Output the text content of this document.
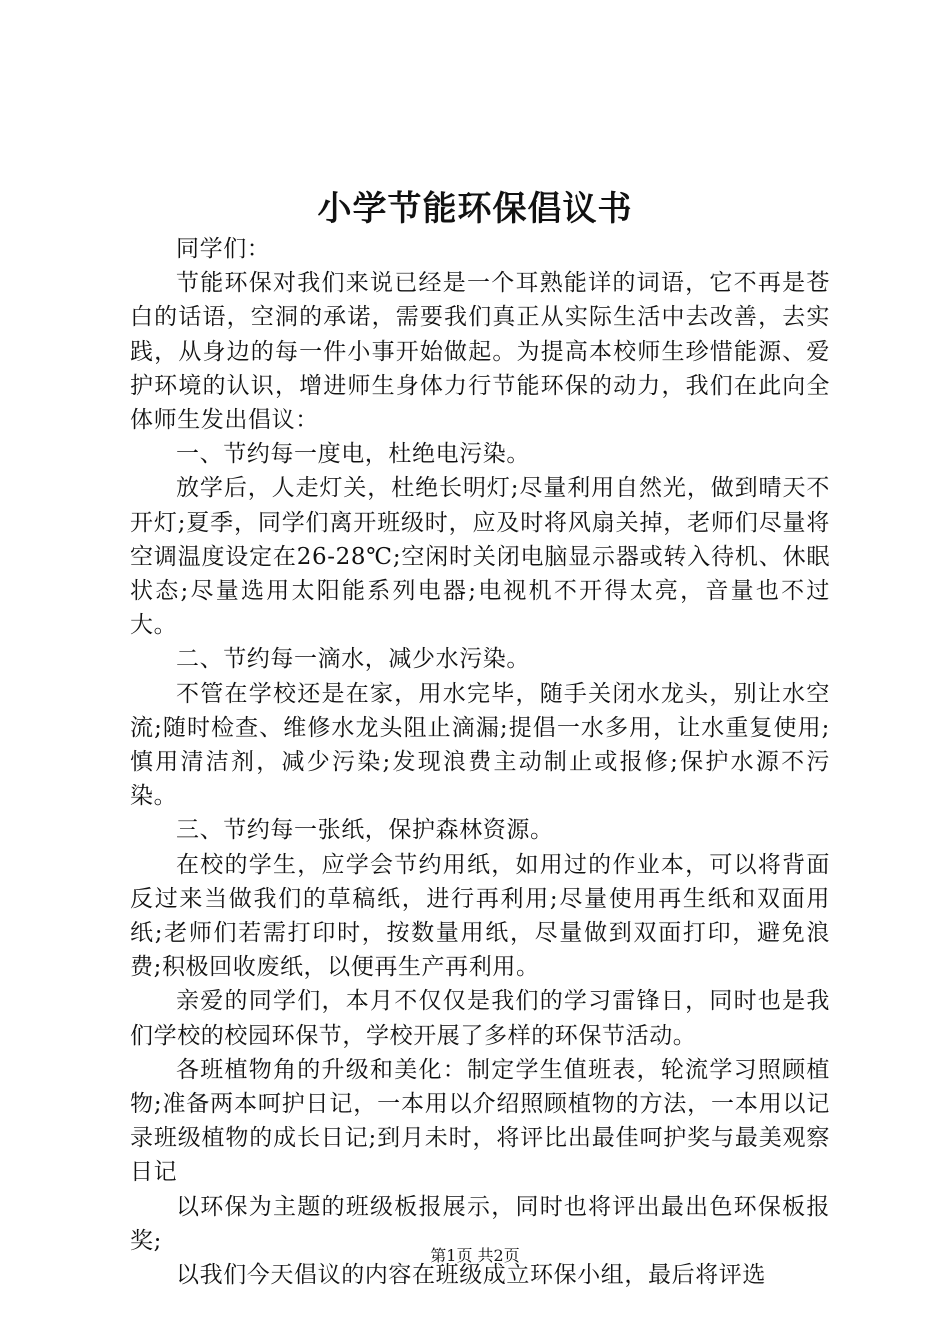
小学节能环保倡议书

同学们：

节能环保对我们来说已经是一个耳熟能详的词语，它不再是苍白的话语，空洞的承诺，需要我们真正从实际生活中去改善，去实践，从身边的每一件小事开始做起。为提高本校师生珍惜能源、爱护环境的认识，增进师生身体力行节能环保的动力，我们在此向全体师生发出倡议：

一、节约每一度电，杜绝电污染。

放学后，人走灯关，杜绝长明灯;尽量利用自然光，做到晴天不开灯;夏季，同学们离开班级时，应及时将风扇关掉，老师们尽量将空调温度设定在26-28℃;空闲时关闭电脑显示器或转入待机、休眠状态;尽量选用太阳能系列电器;电视机不开得太亮，音量也不过大。

二、节约每一滴水，减少水污染。

不管在学校还是在家，用水完毕，随手关闭水龙头，别让水空流;随时检查、维修水龙头阻止滴漏;提倡一水多用，让水重复使用;慎用清洁剂，减少污染;发现浪费主动制止或报修;保护水源不污染。

三、节约每一张纸，保护森林资源。

在校的学生，应学会节约用纸，如用过的作业本，可以将背面反过来当做我们的草稿纸，进行再利用;尽量使用再生纸和双面用纸;老师们若需打印时，按数量用纸，尽量做到双面打印，避免浪费;积极回收废纸，以便再生产再利用。

亲爱的同学们，本月不仅仅是我们的学习雷锋日，同时也是我们学校的校园环保节，学校开展了多样的环保节活动。

各班植物角的升级和美化：制定学生值班表，轮流学习照顾植物;准备两本呵护日记，一本用以介绍照顾植物的方法，一本用以记录班级植物的成长日记;到月未时，将评比出最佳呵护奖与最美观察日记

以环保为主题的班级板报展示，同时也将评出最出色环保板报奖;

以我们今天倡议的内容在班级成立环保小组，最后将评选

第1页 共2页
